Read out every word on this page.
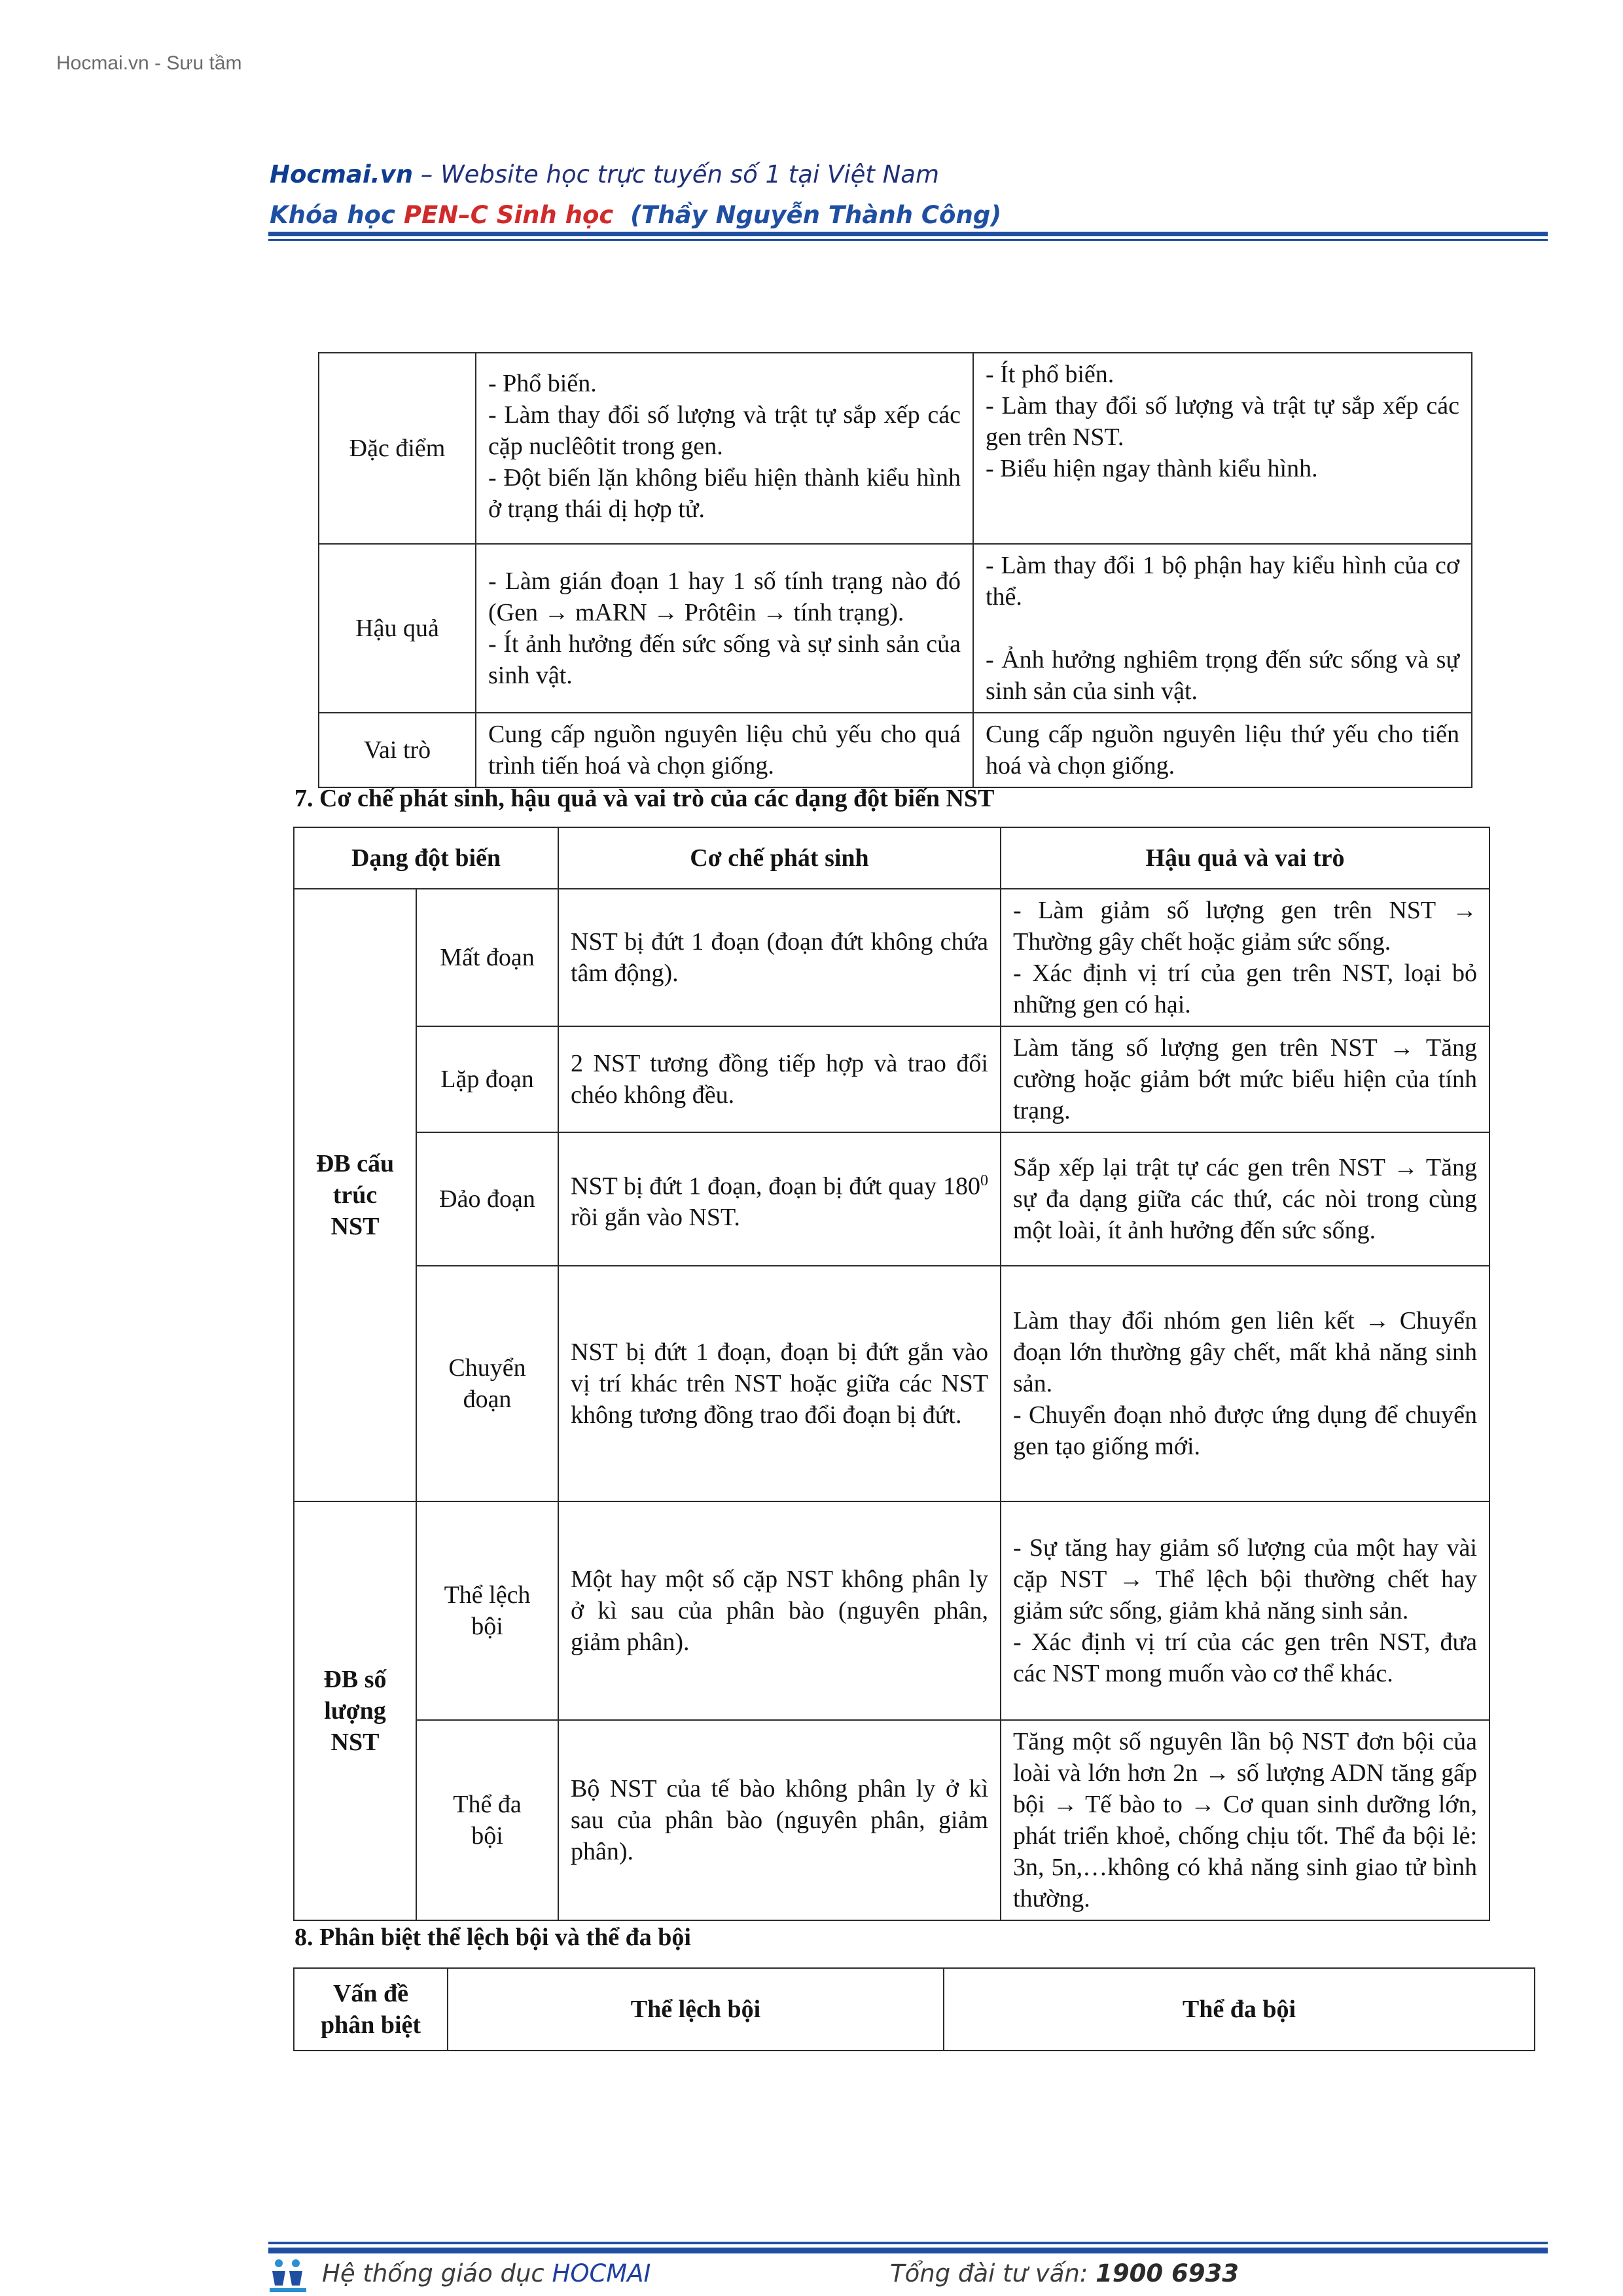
Hocmai.vn - Sưu tầm
Hocmai.vn – Website học trực tuyến số 1 tại Việt Nam
Khóa học PEN–C Sinh học  (Thầy Nguyễn Thành Công)
Đặc điểm	- Phổ biến.
- Làm thay đổi số lượng và trật tự sắp xếp các cặp nuclêôtit trong gen.
- Đột biến lặn không biểu hiện thành kiểu hình ở trạng thái dị hợp tử.	- Ít phổ biến.
- Làm thay đổi số lượng và trật tự sắp xếp các gen trên NST.
- Biểu hiện ngay thành kiểu hình.
Hậu quả	- Làm gián đoạn 1 hay 1 số tính trạng nào đó (Gen → mARN → Prôtêin → tính trạng).
- Ít ảnh hưởng đến sức sống và sự sinh sản của sinh vật.	- Làm thay đổi 1 bộ phận hay kiểu hình của cơ thể.

- Ảnh hưởng nghiêm trọng đến sức sống và sự sinh sản của sinh vật.
Vai trò	Cung cấp nguồn nguyên liệu chủ yếu cho quá trình tiến hoá và chọn giống.	Cung cấp nguồn nguyên liệu thứ yếu cho tiến hoá và chọn giống.
7. Cơ chế phát sinh, hậu quả và vai trò của các dạng đột biến NST
Dạng đột biến		Cơ chế phát sinh	Hậu quả và vai trò
ĐB cấu
trúc
NST	Mất đoạn	NST bị đứt 1 đoạn (đoạn đứt không chứa tâm động).	- Làm giảm số lượng gen trên NST → Thường gây chết hoặc giảm sức sống.
- Xác định vị trí của gen trên NST, loại bỏ những gen có hại.
	Lặp đoạn	2 NST tương đồng tiếp hợp và trao đổi chéo không đều.	Làm tăng số lượng gen trên NST → Tăng cường hoặc giảm bớt mức biểu hiện của tính trạng.
	Đảo đoạn	NST bị đứt 1 đoạn, đoạn bị đứt quay $180^0$ rồi gắn vào NST.	Sắp xếp lại trật tự các gen trên NST → Tăng sự đa dạng giữa các thứ, các nòi trong cùng một loài, ít ảnh hưởng đến sức sống.
	Chuyển
đoạn	NST bị đứt 1 đoạn, đoạn bị đứt gắn vào vị trí khác trên NST hoặc giữa các NST không tương đồng trao đổi đoạn bị đứt.	Làm thay đổi nhóm gen liên kết → Chuyển đoạn lớn thường gây chết, mất khả năng sinh sản.
- Chuyển đoạn nhỏ được ứng dụng để chuyển gen tạo giống mới.
ĐB số
lượng
NST	Thể lệch
bội	Một hay một số cặp NST không phân ly ở kì sau của phân bào (nguyên phân, giảm phân).	- Sự tăng hay giảm số lượng của một hay vài cặp NST → Thể lệch bội thường chết hay giảm sức sống, giảm khả năng sinh sản.
- Xác định vị trí của các gen trên NST, đưa các NST mong muốn vào cơ thể khác.
	Thể đa
bội	Bộ NST của tế bào không phân ly ở kì sau của phân bào (nguyên phân, giảm phân).	Tăng một số nguyên lần bộ NST đơn bội của loài và lớn hơn 2n → số lượng ADN tăng gấp bội → Tế bào to → Cơ quan sinh dưỡng lớn, phát triển khoẻ, chống chịu tốt. Thể đa bội lẻ: 3n, 5n,…không có khả năng sinh giao tử bình thường.
8. Phân biệt thể lệch bội và thể đa bội
Vấn đề
phân biệt	Thể lệch bội	Thể đa bội
Hệ thống giáo dục HOCMAI	Tổng đài tư vấn: 1900 6933
